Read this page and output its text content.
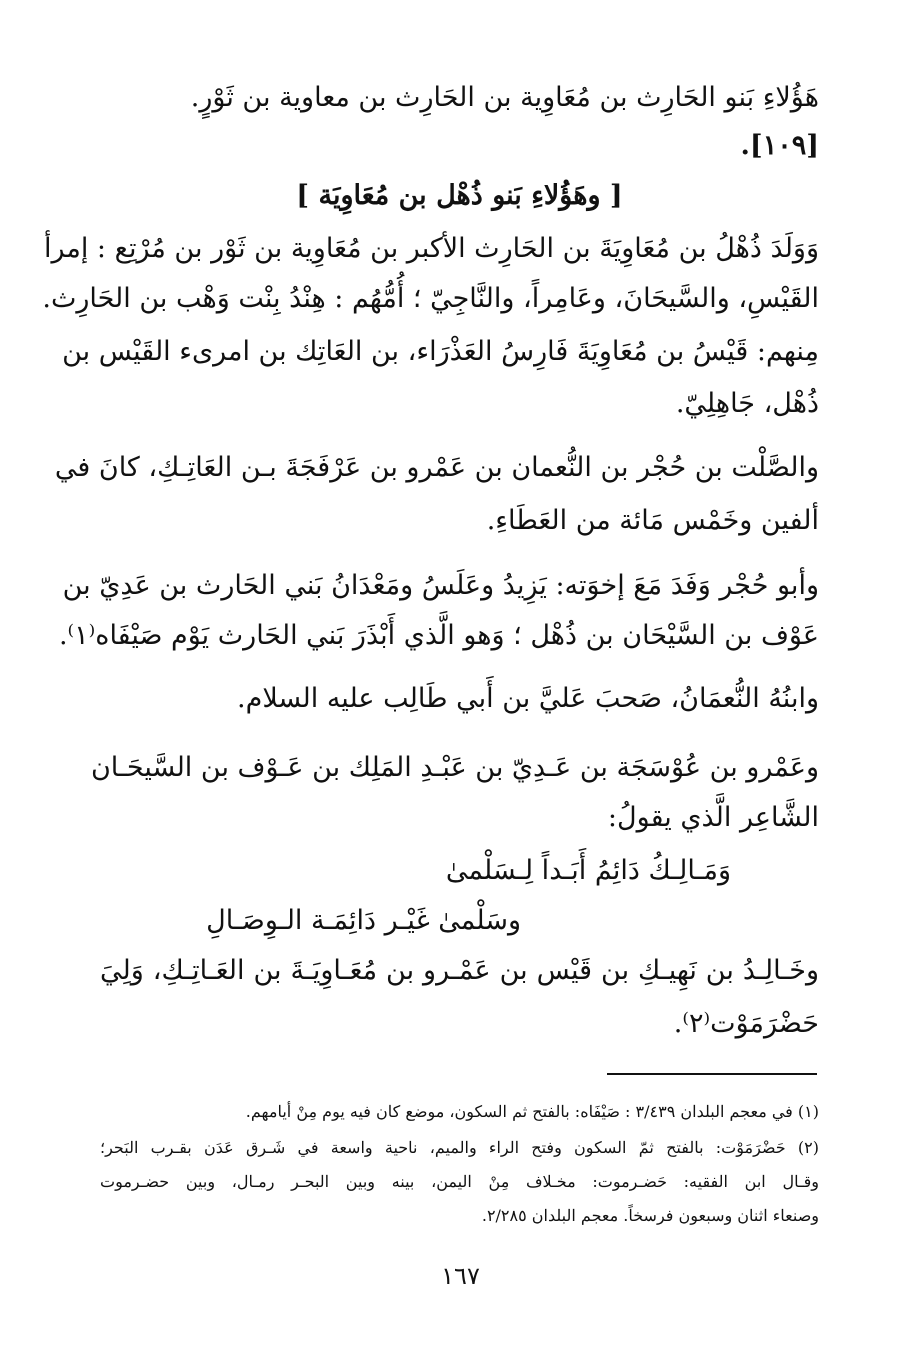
هَؤُلاءِ بَنو الحَارِث بن مُعَاوِية بن الحَارِث بن معاوية بن ثَوْرٍ.
[١٠٩].
[ وهَؤُلاءِ بَنو ذُهْل بن مُعَاوِيَة ]
وَوَلَدَ ذُهْلُ بن مُعَاوِيَةَ بن الحَارِث الأكبر بن مُعَاوِية بن ثَوْر بن مُرْتِع : إمرأ
القَيْسِ، والسَّيحَانَ، وعَامِراً، والنَّاجِيّ ؛ أُمُّهُم : هِنْدُ بِنْت وَهْب بن الحَارِث.
مِنهم: قَيْسُ بن مُعَاوِيَةَ فَارِسُ العَذْرَاء، بن العَاتِك بن امرىء القَيْس بن
ذُهْل، جَاهِلِيّ.
والصَّلْت بن حُجْر بن النُّعمان بن عَمْرو بن عَرْفَجَةَ بـن العَاتِـكِ، كانَ في
ألفين وخَمْس مَائة من العَطَاءِ.
وأبو حُجْر وَفَدَ مَعَ إخوَته: يَزِيدُ وعَلَسُ ومَعْدَانُ بَني الحَارث بن عَدِيّ بن
عَوْف بن السَّيْحَان بن ذُهْل ؛ وَهو الَّذي أَبْذَرَ بَني الحَارث يَوْم صَيْفَاه⁽١⁾.
وابنُهُ النُّعمَانُ، صَحبَ عَليَّ بن أَبي طَالِب عليه السلام.
وعَمْرو بن عُوْسَجَة بن عَـدِيّ بن عَبْـدِ المَلِك بن عَـوْف بن السَّيحَـان
الشَّاعِر الَّذي يقولُ:
وَمَـالِـكُ دَائِمُ أَبَـداً لِـسَلْمىٰ
وسَلْمىٰ غَيْـر دَائِمَـة الـوِصَـالِ
وخَـالِـدُ بن نَهِيـكِ بن قَيْس بن عَمْـرو بن مُعَـاوِيَـةَ بن العَـاتِـكِ، وَلِيَ
حَضْرَمَوْت⁽٢⁾.
(١) في معجم البلدان ٣/٤٣٩ : صَيْفَاه: بالفتح ثم السكون، موضع كان فيه يوم مِنْ أيامهم.
(٢) حَضْرَمَوْت: بالفتح ثمّ السكون وفتح الراء والميم، ناحية واسعة في شَـرق عَدَن بقـرب البَحر؛
وقـال ابن الفقيه: حَضـرموت: مخـلاف مِنْ اليمن، بينه وبين البحـر رمـال، وبين حضـرموت
وصنعاء اثنان وسبعون فرسخاً. معجم البلدان ٢/٢٨٥.
١٦٧
